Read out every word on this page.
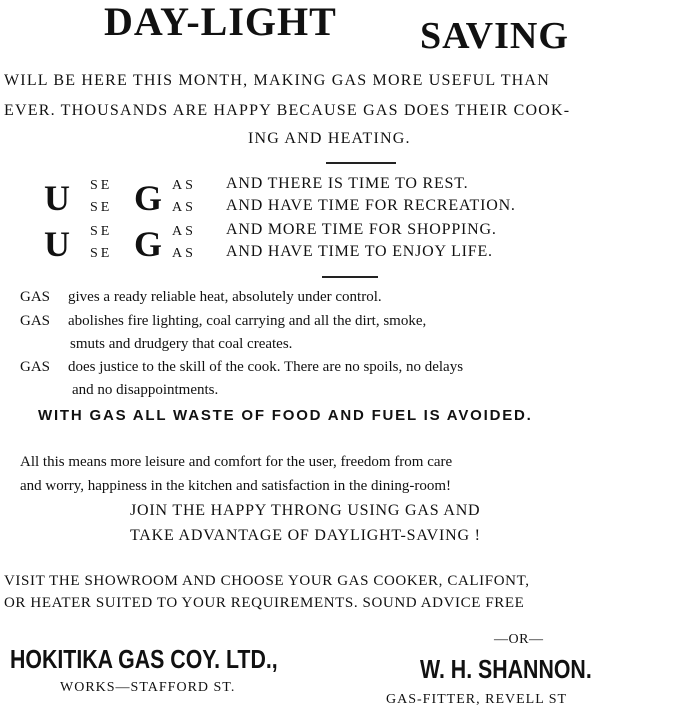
DAY-LIGHT SAVING
WILL BE HERE THIS MONTH, MAKING GAS MORE USEFUL THAN
EVER. THOUSANDS ARE HAPPY BECAUSE GAS DOES THEIR COOK-
ING AND HEATING.
U SE
SE G AS
AS
AND THERE IS TIME TO REST.
AND HAVE TIME FOR RECREATION.
U SE
SE G AS
AS
AND MORE TIME FOR SHOPPING.
AND HAVE TIME TO ENJOY LIFE.
GAS gives a ready reliable heat, absolutely under control.
GAS abolishes fire lighting, coal carrying and all the dirt, smoke,
smuts and drudgery that coal creates.
GAS does justice to the skill of the cook. There are no spoils, no delays
and no disappointments.
WITH GAS ALL WASTE OF FOOD AND FUEL IS AVOIDED.
All this means more leisure and comfort for the user, freedom from care
and worry, happiness in the kitchen and satisfaction in the dining-room!
JOIN THE HAPPY THRONG USING GAS AND
TAKE ADVANTAGE OF DAYLIGHT-SAVING !
VISIT THE SHOWROOM AND CHOOSE YOUR GAS COOKER, CALIFONT,
OR HEATER SUITED TO YOUR REQUIREMENTS. SOUND ADVICE FREE
HOKITIKA GAS COY. LTD.,
WORKS—STAFFORD ST.
—OR—
W. H. SHANNON.
GAS-FITTER, REVELL ST
